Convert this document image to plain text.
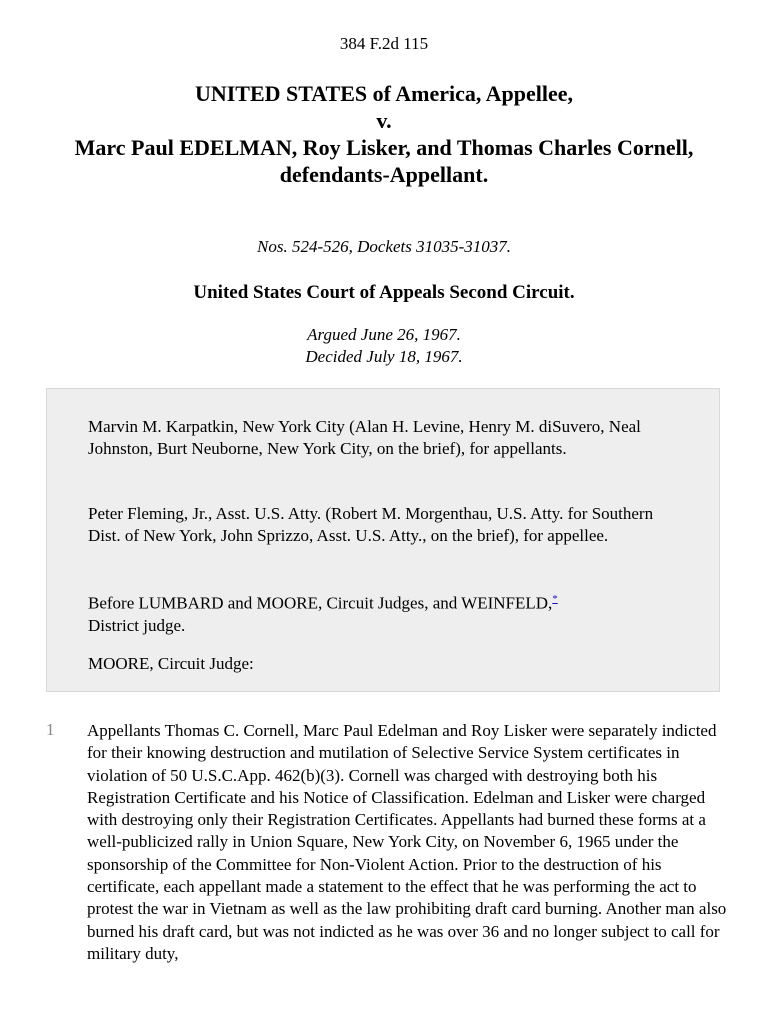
384 F.2d 115
UNITED STATES of America, Appellee,
v.
Marc Paul EDELMAN, Roy Lisker, and Thomas Charles Cornell,
defendants-Appellant.
Nos. 524-526, Dockets 31035-31037.
United States Court of Appeals Second Circuit.
Argued June 26, 1967.
Decided July 18, 1967.

Marvin M. Karpatkin, New York City (Alan H. Levine, Henry M. diSuvero, Neal Johnston, Burt Neuborne, New York City, on the brief), for appellants.

Peter Fleming, Jr., Asst. U.S. Atty. (Robert M. Morgenthau, U.S. Atty. for Southern Dist. of New York, John Sprizzo, Asst. U.S. Atty., on the brief), for appellee.

Before LUMBARD and MOORE, Circuit Judges, and WEINFELD,*
District judge.

MOORE, Circuit Judge:

1 Appellants Thomas C. Cornell, Marc Paul Edelman and Roy Lisker were separately indicted for their knowing destruction and mutilation of Selective Service System certificates in violation of 50 U.S.C.App. 462(b)(3). Cornell was charged with destroying both his Registration Certificate and his Notice of Classification. Edelman and Lisker were charged with destroying only their Registration Certificates. Appellants had burned these forms at a well-publicized rally in Union Square, New York City, on November 6, 1965 under the sponsorship of the Committee for Non-Violent Action. Prior to the destruction of his certificate, each appellant made a statement to the effect that he was performing the act to protest the war in Vietnam as well as the law prohibiting draft card burning. Another man also burned his draft card, but was not indicted as he was over 36 and no longer subject to call for military duty,
